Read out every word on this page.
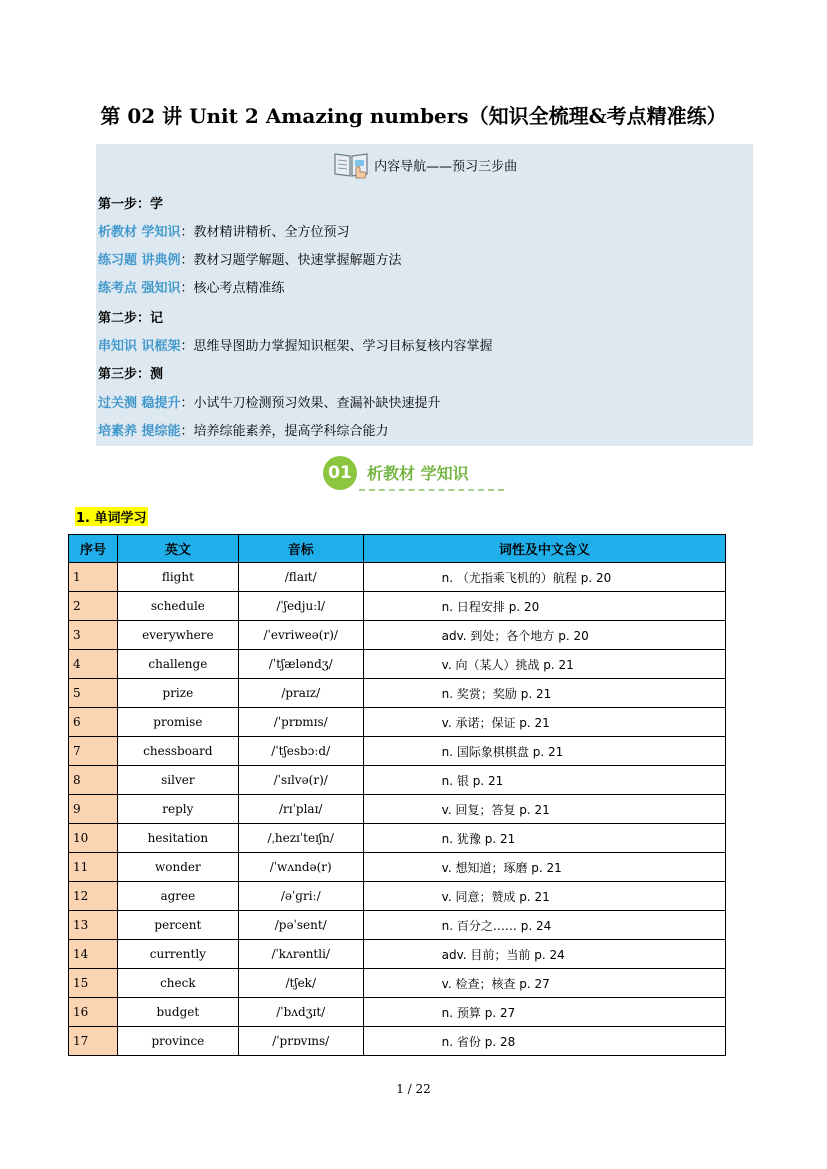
第 02 讲 Unit 2 Amazing numbers（知识全梳理&考点精准练）
内容导航——预习三步曲
第一步：学
析教材 学知识：教材精讲精析、全方位预习
练习题 讲典例：教材习题学解题、快速掌握解题方法
练考点 强知识：核心考点精准练
第二步：记
串知识 识框架：思维导图助力掌握知识框架、学习目标复核内容掌握
第三步：测
过关测 稳提升：小试牛刀检测预习效果、查漏补缺快速提升
培素养 提综能：培养综能素养，提高学科综合能力
01 析教材 学知识
1. 单词学习
序号	英文	音标	词性及中文含义
1	flight	/flaɪt/	n. （尤指乘飞机的）航程 p. 20
2	schedule	/ˈʃedjuːl/	n. 日程安排 p. 20
3	everywhere	/ˈevriweə(r)/	adv. 到处；各个地方 p. 20
4	challenge	/ˈtʃæləndʒ/	v. 向（某人）挑战 p. 21
5	prize	/praɪz/	n. 奖赏；奖励 p. 21
6	promise	/ˈprɒmɪs/	v. 承诺；保证 p. 21
7	chessboard	/ˈtʃesbɔːd/	n. 国际象棋棋盘 p. 21
8	silver	/ˈsɪlvə(r)/	n. 银 p. 21
9	reply	/rɪˈplaɪ/	v. 回复；答复 p. 21
10	hesitation	/ˌhezɪˈteɪʃn/	n. 犹豫 p. 21
11	wonder	/ˈwʌndə(r)	v. 想知道；琢磨 p. 21
12	agree	/əˈɡriː/	v. 同意；赞成 p. 21
13	percent	/pəˈsent/	n. 百分之…… p. 24
14	currently	/ˈkʌrəntli/	adv. 目前；当前 p. 24
15	check	/tʃek/	v. 检查；核查 p. 27
16	budget	/ˈbʌdʒɪt/	n. 预算 p. 27
17	province	/ˈprɒvɪns/	n. 省份 p. 28
1 / 22
